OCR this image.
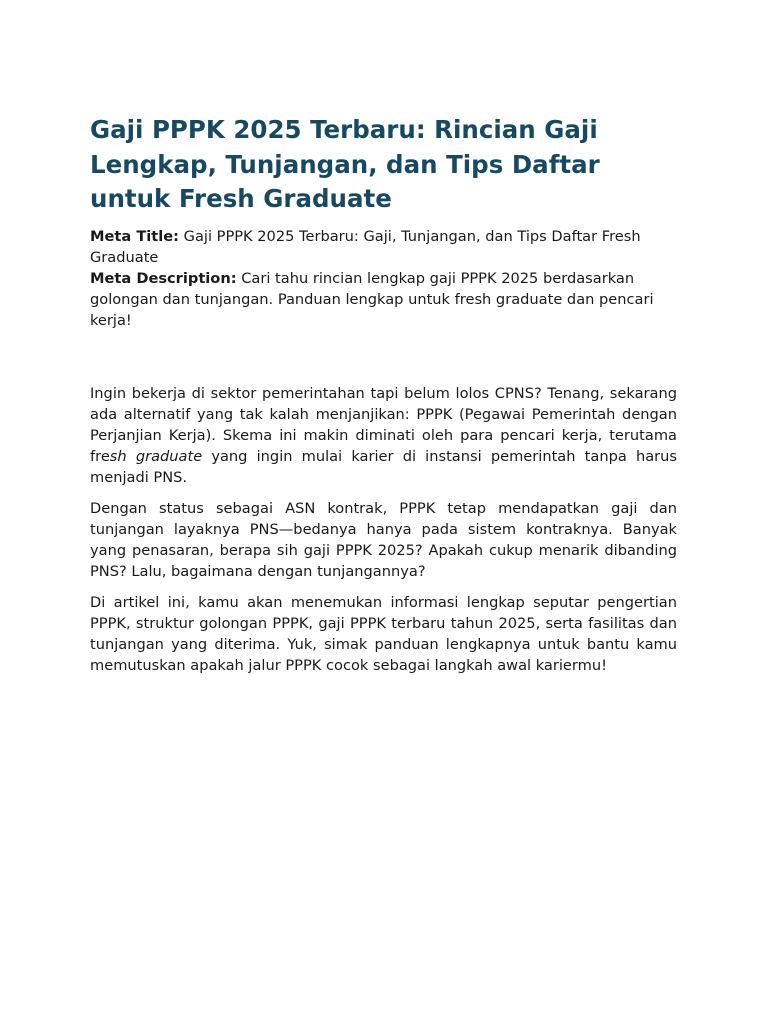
Gaji PPPK 2025 Terbaru: Rincian Gaji Lengkap, Tunjangan, dan Tips Daftar untuk Fresh Graduate

Meta Title: Gaji PPPK 2025 Terbaru: Gaji, Tunjangan, dan Tips Daftar Fresh Graduate

Meta Description: Cari tahu rincian lengkap gaji PPPK 2025 berdasarkan golongan dan tunjangan. Panduan lengkap untuk fresh graduate dan pencari kerja!

Ingin bekerja di sektor pemerintahan tapi belum lolos CPNS? Tenang, sekarang ada alternatif yang tak kalah menjanjikan: PPPK (Pegawai Pemerintah dengan Perjanjian Kerja). Skema ini makin diminati oleh para pencari kerja, terutama fresh graduate yang ingin mulai karier di instansi pemerintah tanpa harus menjadi PNS.

Dengan status sebagai ASN kontrak, PPPK tetap mendapatkan gaji dan tunjangan layaknya PNS—bedanya hanya pada sistem kontraknya. Banyak yang penasaran, berapa sih gaji PPPK 2025? Apakah cukup menarik dibanding PNS? Lalu, bagaimana dengan tunjangannya?

Di artikel ini, kamu akan menemukan informasi lengkap seputar pengertian PPPK, struktur golongan PPPK, gaji PPPK terbaru tahun 2025, serta fasilitas dan tunjangan yang diterima. Yuk, simak panduan lengkapnya untuk bantu kamu memutuskan apakah jalur PPPK cocok sebagai langkah awal kariermu!
